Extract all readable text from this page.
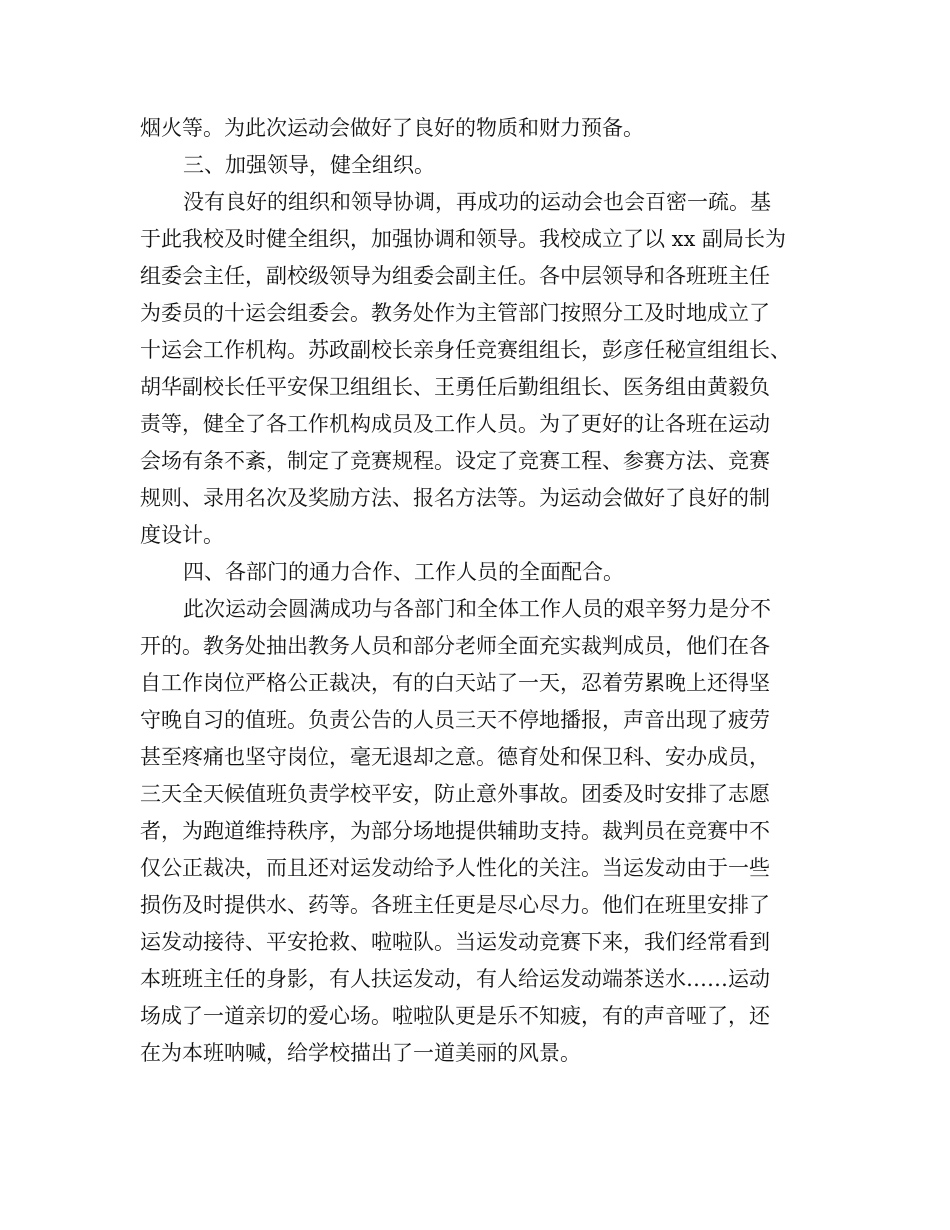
烟火等。为此次运动会做好了良好的物质和财力预备。

三、加强领导，健全组织。

没有良好的组织和领导协调，再成功的运动会也会百密一疏。基

于此我校及时健全组织，加强协调和领导。我校成立了以 xx 副局长为

组委会主任，副校级领导为组委会副主任。各中层领导和各班班主任

为委员的十运会组委会。教务处作为主管部门按照分工及时地成立了

十运会工作机构。苏政副校长亲身任竞赛组组长，彭彦任秘宣组组长、

胡华副校长任平安保卫组组长、王勇任后勤组组长、医务组由黄毅负

责等，健全了各工作机构成员及工作人员。为了更好的让各班在运动

会场有条不紊，制定了竞赛规程。设定了竞赛工程、参赛方法、竞赛

规则、录用名次及奖励方法、报名方法等。为运动会做好了良好的制

度设计。

四、各部门的通力合作、工作人员的全面配合。

此次运动会圆满成功与各部门和全体工作人员的艰辛努力是分不

开的。教务处抽出教务人员和部分老师全面充实裁判成员，他们在各

自工作岗位严格公正裁决，有的白天站了一天，忍着劳累晚上还得坚

守晚自习的值班。负责公告的人员三天不停地播报，声音出现了疲劳

甚至疼痛也坚守岗位，毫无退却之意。德育处和保卫科、安办成员，

三天全天候值班负责学校平安，防止意外事故。团委及时安排了志愿

者，为跑道维持秩序，为部分场地提供辅助支持。裁判员在竞赛中不

仅公正裁决，而且还对运发动给予人性化的关注。当运发动由于一些

损伤及时提供水、药等。各班主任更是尽心尽力。他们在班里安排了

运发动接待、平安抢救、啦啦队。当运发动竞赛下来，我们经常看到

本班班主任的身影，有人扶运发动，有人给运发动端茶送水……运动

场成了一道亲切的爱心场。啦啦队更是乐不知疲，有的声音哑了，还

在为本班呐喊，给学校描出了一道美丽的风景。
